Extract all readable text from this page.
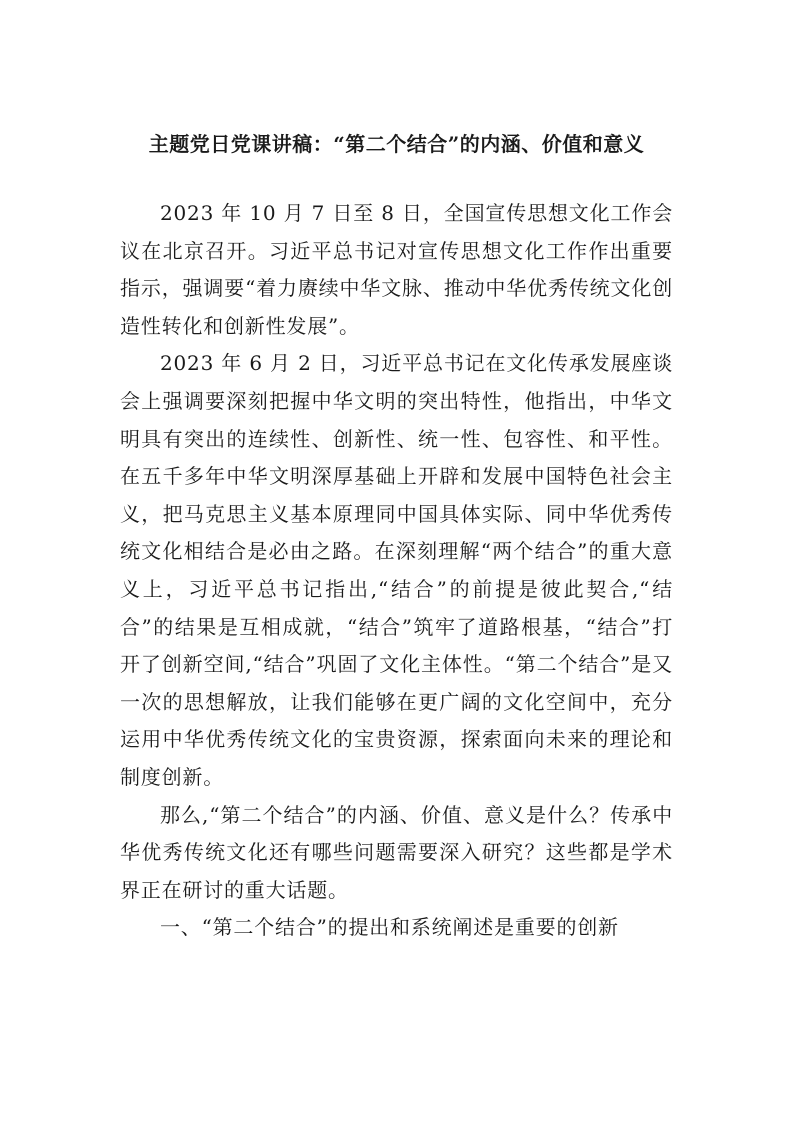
主题党日党课讲稿：“第二个结合”的内涵、价值和意义

2023 年 10 月 7 日至 8 日，全国宣传思想文化工作会议在北京召开。习近平总书记对宣传思想文化工作作出重要指示，强调要“着力赓续中华文脉、推动中华优秀传统文化创造性转化和创新性发展”。

2023 年 6 月 2 日，习近平总书记在文化传承发展座谈会上强调要深刻把握中华文明的突出特性，他指出，中华文明具有突出的连续性、创新性、统一性、包容性、和平性。在五千多年中华文明深厚基础上开辟和发展中国特色社会主义，把马克思主义基本原理同中国具体实际、同中华优秀传统文化相结合是必由之路。在深刻理解“两个结合”的重大意义上，习近平总书记指出,“结合”的前提是彼此契合,“结合”的结果是互相成就，“结合”筑牢了道路根基，“结合”打开了创新空间,“结合”巩固了文化主体性。“第二个结合”是又一次的思想解放，让我们能够在更广阔的文化空间中，充分运用中华优秀传统文化的宝贵资源，探索面向未来的理论和制度创新。

那么,“第二个结合”的内涵、价值、意义是什么？传承中华优秀传统文化还有哪些问题需要深入研究？这些都是学术界正在研讨的重大话题。

一、“第二个结合”的提出和系统阐述是重要的创新
